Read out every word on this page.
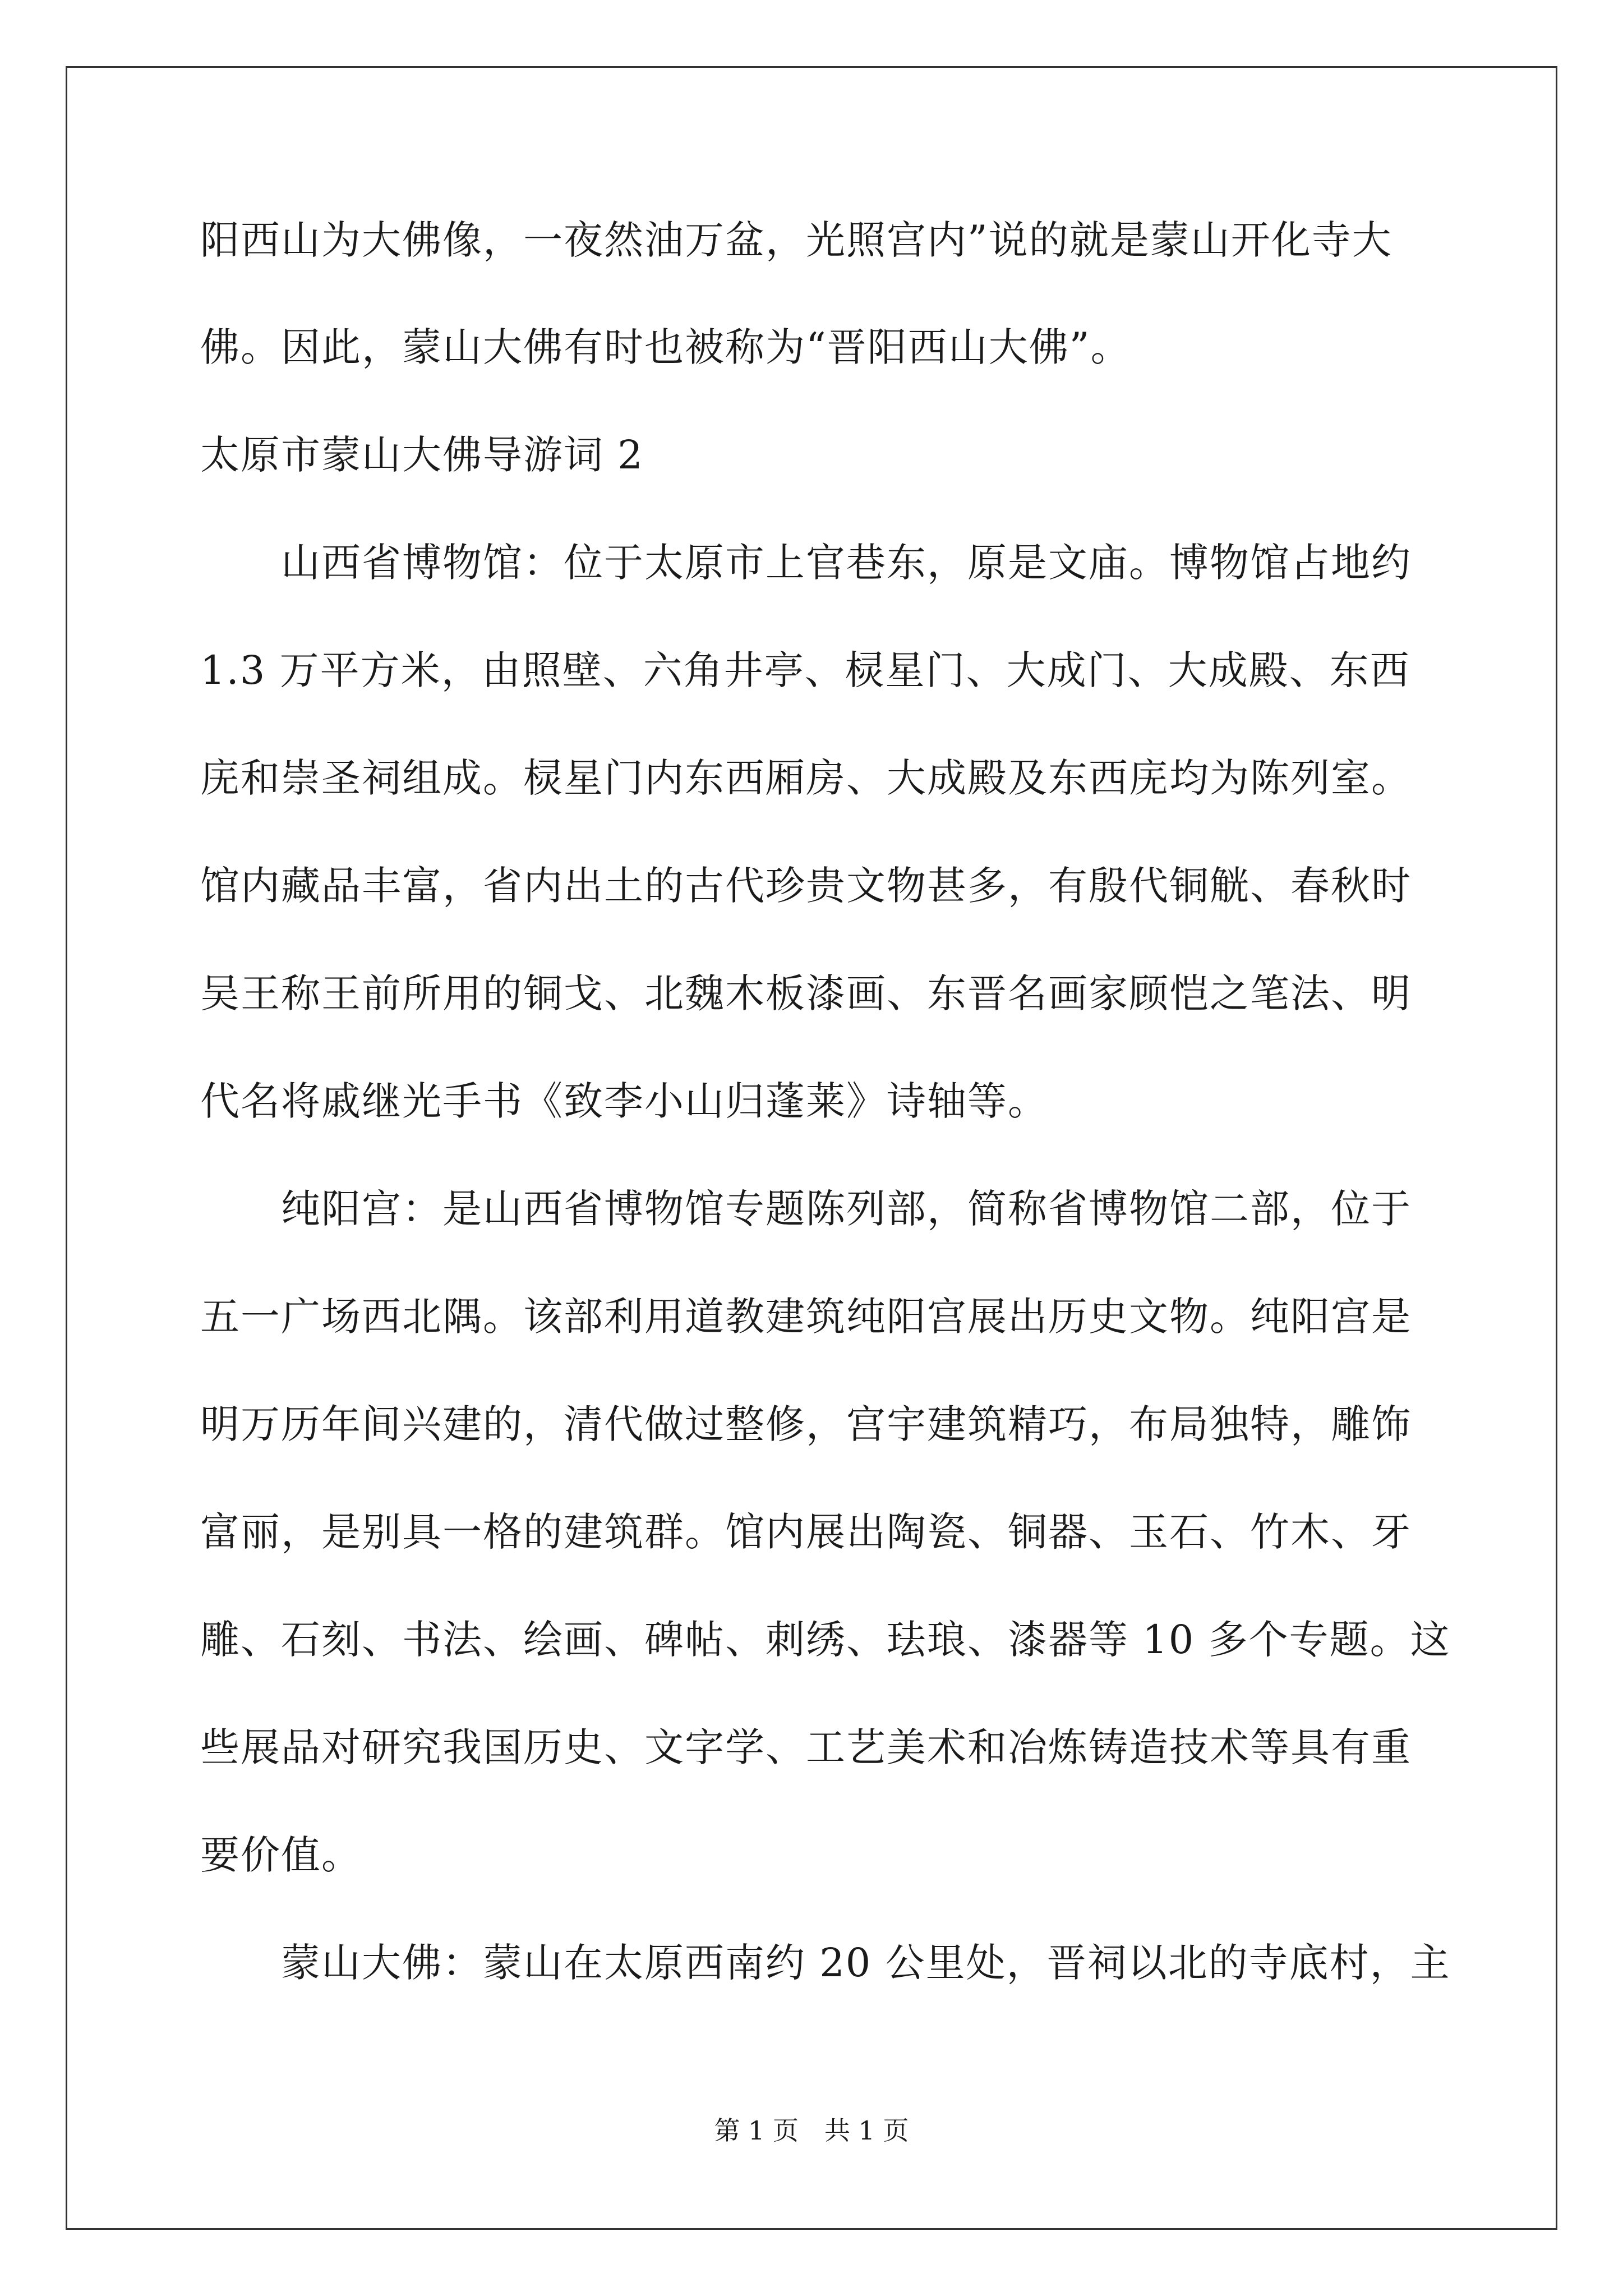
阳西山为大佛像，一夜然油万盆，光照宫内”说的就是蒙山开化寺大
佛。因此，蒙山大佛有时也被称为“晋阳西山大佛”。
太原市蒙山大佛导游词 2
　　山西省博物馆：位于太原市上官巷东，原是文庙。博物馆占地约
1.3 万平方米，由照壁、六角井亭、棂星门、大成门、大成殿、东西
庑和崇圣祠组成。棂星门内东西厢房、大成殿及东西庑均为陈列室。
馆内藏品丰富，省内出土的古代珍贵文物甚多，有殷代铜觥、春秋时
吴王称王前所用的铜戈、北魏木板漆画、东晋名画家顾恺之笔法、明
代名将戚继光手书《致李小山归蓬莱》诗轴等。
　　纯阳宫：是山西省博物馆专题陈列部，简称省博物馆二部，位于
五一广场西北隅。该部利用道教建筑纯阳宫展出历史文物。纯阳宫是
明万历年间兴建的，清代做过整修，宫宇建筑精巧，布局独特，雕饰
富丽，是别具一格的建筑群。馆内展出陶瓷、铜器、玉石、竹木、牙
雕、石刻、书法、绘画、碑帖、刺绣、珐琅、漆器等 10 多个专题。这
些展品对研究我国历史、文字学、工艺美术和冶炼铸造技术等具有重
要价值。
　　蒙山大佛：蒙山在太原西南约 20 公里处，晋祠以北的寺底村，主
第 1 页　共 1 页
